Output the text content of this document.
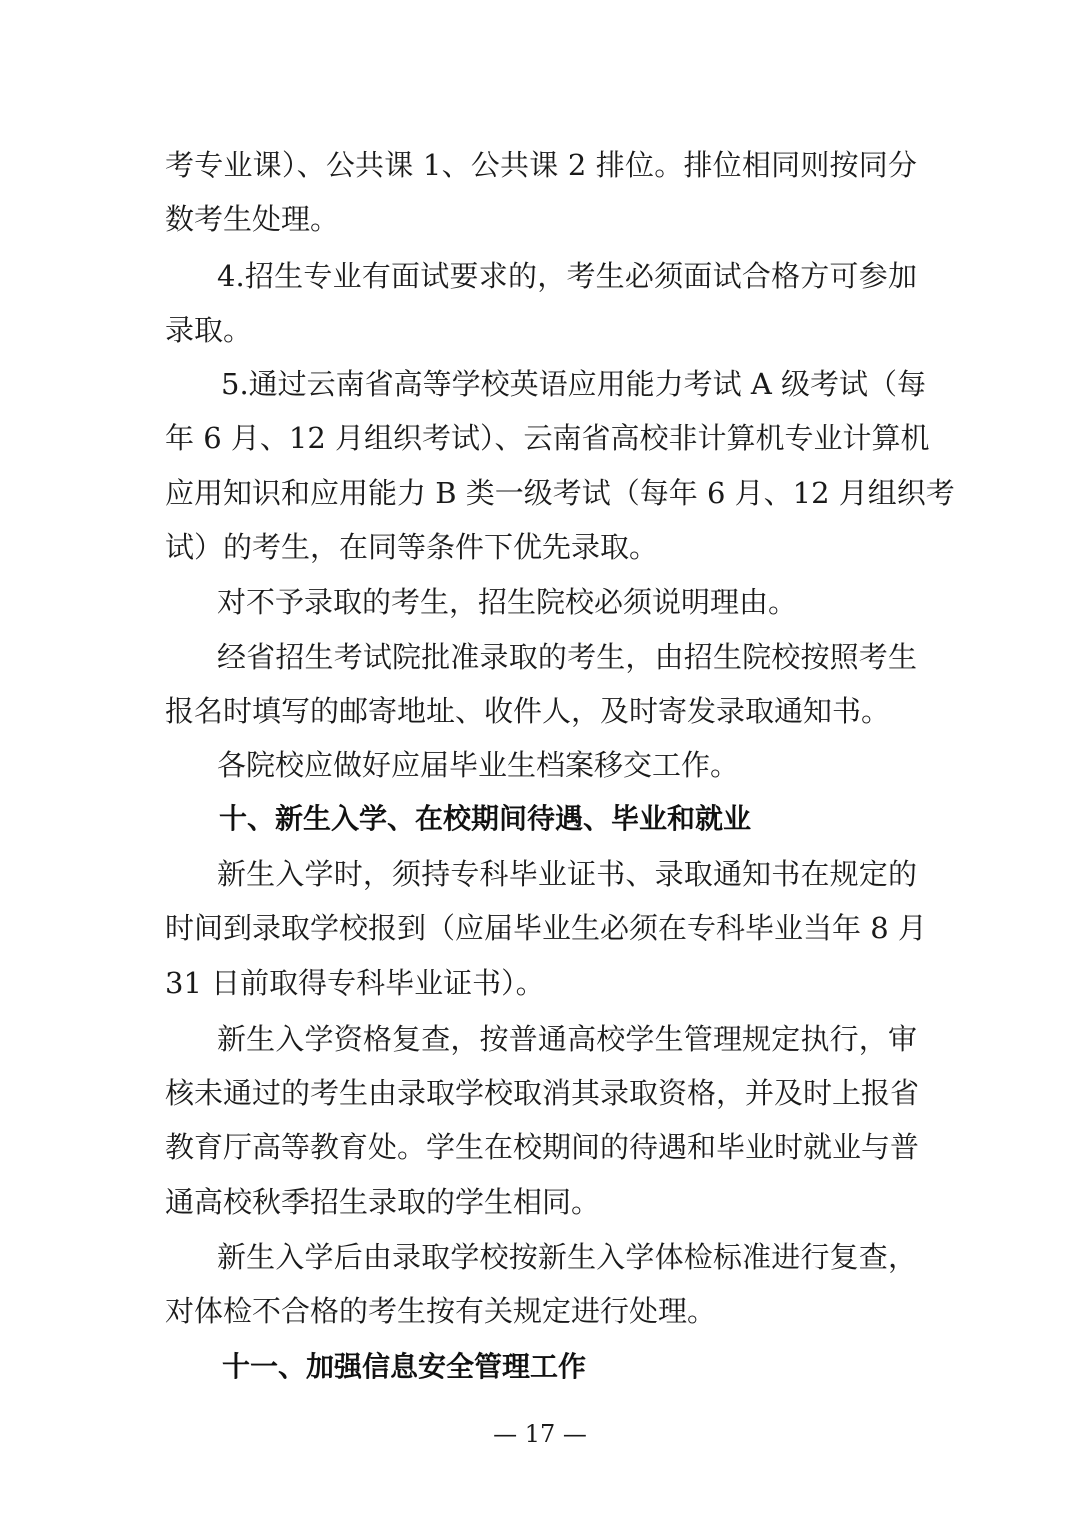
考专业课）、公共课 1、公共课 2 排位。排位相同则按同分
数考生处理。
4.招生专业有面试要求的，考生必须面试合格方可参加
录取。
5.通过云南省高等学校英语应用能力考试 A 级考试（每
年 6 月、12 月组织考试）、云南省高校非计算机专业计算机
应用知识和应用能力 B 类一级考试（每年 6 月、12 月组织考
试）的考生，在同等条件下优先录取。
对不予录取的考生，招生院校必须说明理由。
经省招生考试院批准录取的考生，由招生院校按照考生
报名时填写的邮寄地址、收件人，及时寄发录取通知书。
各院校应做好应届毕业生档案移交工作。
十、新生入学、在校期间待遇、毕业和就业
新生入学时，须持专科毕业证书、录取通知书在规定的
时间到录取学校报到（应届毕业生必须在专科毕业当年 8 月
31 日前取得专科毕业证书）。
新生入学资格复查，按普通高校学生管理规定执行，审
核未通过的考生由录取学校取消其录取资格，并及时上报省
教育厅高等教育处。学生在校期间的待遇和毕业时就业与普
通高校秋季招生录取的学生相同。
新生入学后由录取学校按新生入学体检标准进行复查，
对体检不合格的考生按有关规定进行处理。
十一、加强信息安全管理工作
— 17 —
